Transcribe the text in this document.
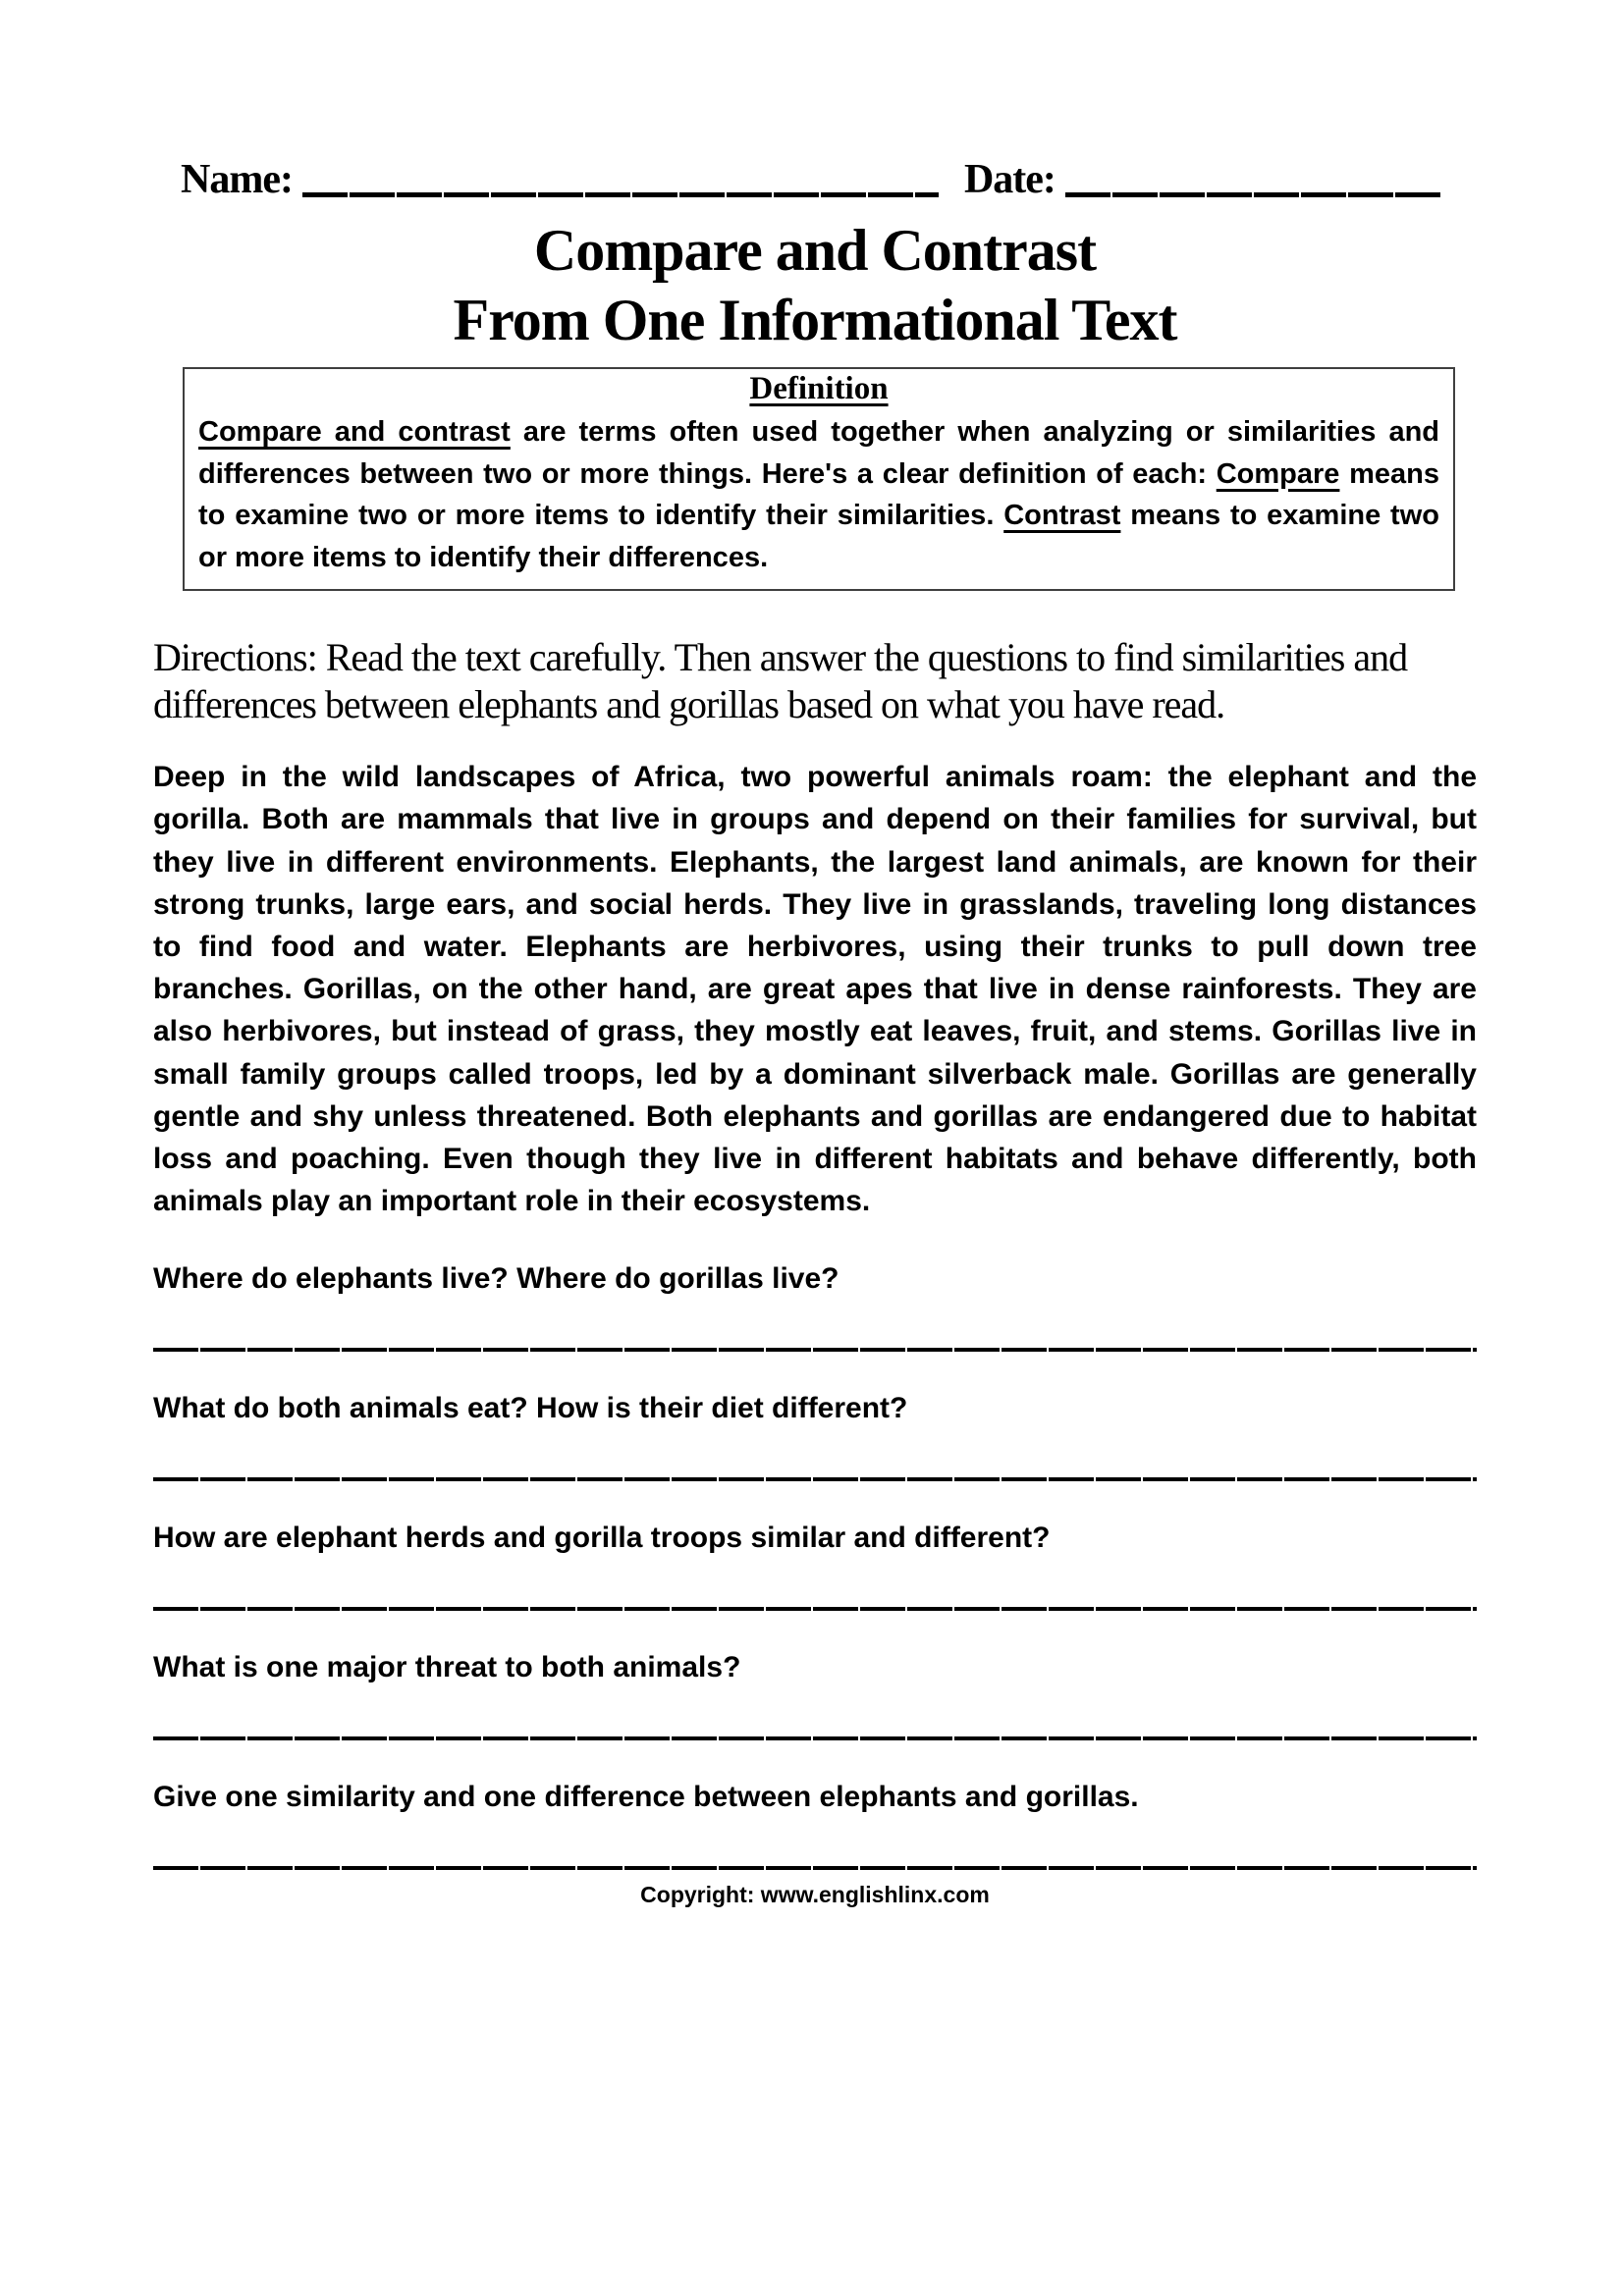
Name:	Date:
Compare and Contrast
From One Informational Text
Definition

Compare and contrast are terms often used together when analyzing or similarities and differences between two or more things. Here's a clear definition of each: Compare means to examine two or more items to identify their similarities. Contrast means to examine two or more items to identify their differences.

Directions: Read the text carefully. Then answer the questions to find similarities and differences between elephants and gorillas based on what you have read.

Deep in the wild landscapes of Africa, two powerful animals roam: the elephant and the gorilla. Both are mammals that live in groups and depend on their families for survival, but they live in different environments. Elephants, the largest land animals, are known for their strong trunks, large ears, and social herds. They live in grasslands, traveling long distances to find food and water. Elephants are herbivores, using their trunks to pull down tree branches. Gorillas, on the other hand, are great apes that live in dense rainforests. They are also herbivores, but instead of grass, they mostly eat leaves, fruit, and stems. Gorillas live in small family groups called troops, led by a dominant silverback male. Gorillas are generally gentle and shy unless threatened. Both elephants and gorillas are endangered due to habitat loss and poaching. Even though they live in different habitats and behave differently, both animals play an important role in their ecosystems.

Where do elephants live? Where do gorillas live?

What do both animals eat? How is their diet different?

How are elephant herds and gorilla troops similar and different?

What is one major threat to both animals?

Give one similarity and one difference between elephants and gorillas.

Copyright: www.englishlinx.com
